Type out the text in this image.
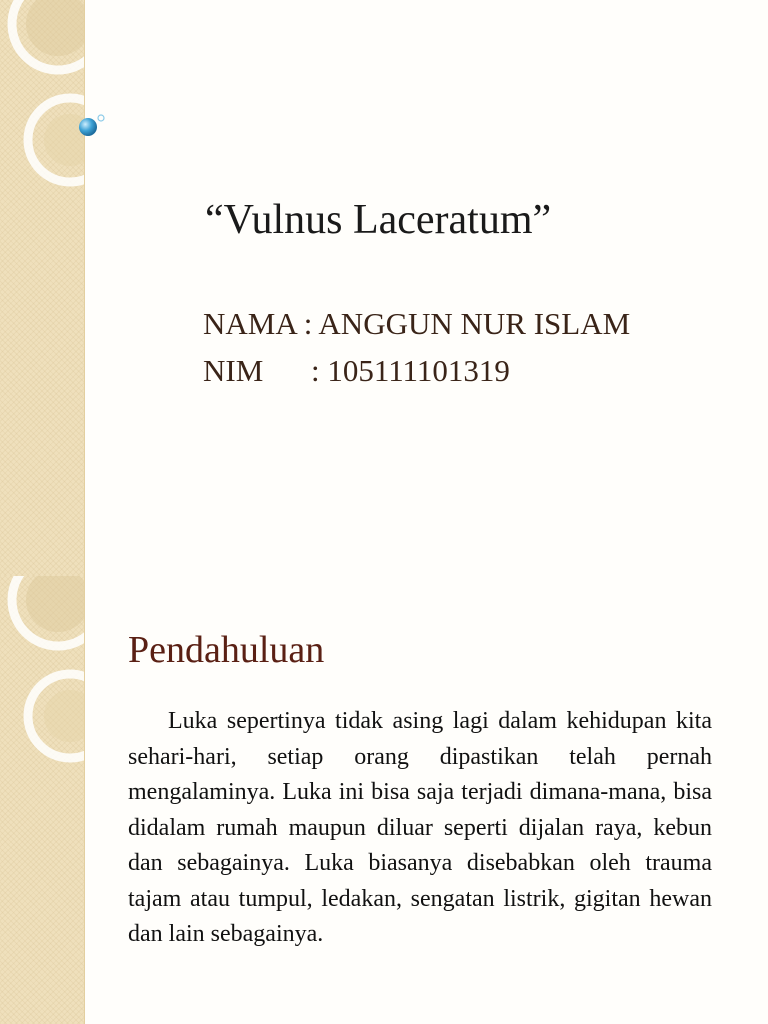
“Vulnus Laceratum”
NAMA : ANGGUN NUR ISLAM
NIM : 105111101319
Pendahuluan

Luka sepertinya tidak asing lagi dalam kehidupan kita sehari-hari, setiap orang dipastikan telah pernah mengalaminya. Luka ini bisa saja terjadi dimana-mana, bisa didalam rumah maupun diluar seperti dijalan raya, kebun dan sebagainya. Luka biasanya disebabkan oleh trauma tajam atau tumpul, ledakan, sengatan listrik, gigitan hewan dan lain sebagainya.
